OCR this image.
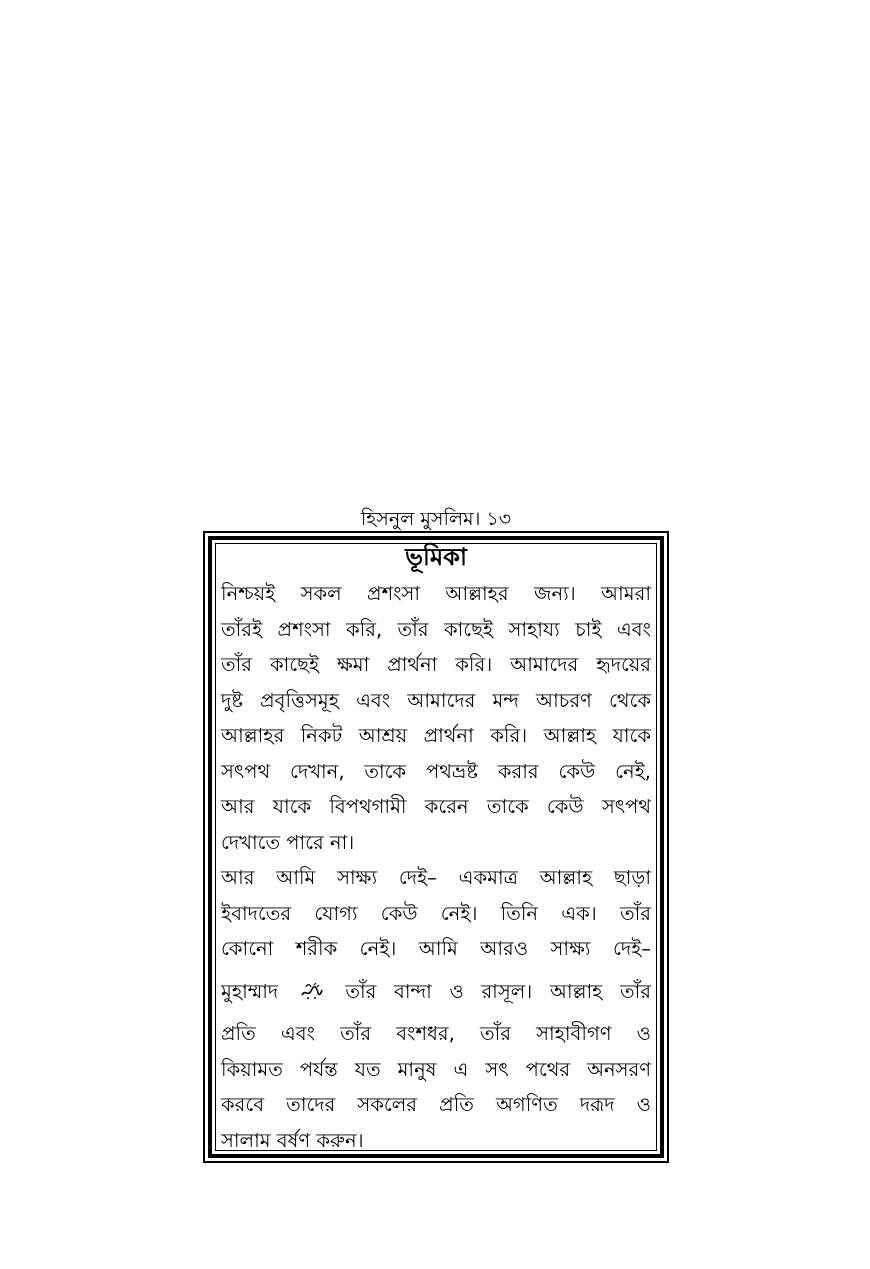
হিসনুল মুসলিম। ১৩
ভূমিকা
নিশ্চয়ই সকল প্রশংসা আল্লাহর জন্য। আমরা
তাঁরই প্রশংসা করি, তাঁর কাছেই সাহায্য চাই এবং
তাঁর কাছেই ক্ষমা প্রার্থনা করি। আমাদের হৃদয়ের
দুষ্ট প্রবৃত্তিসমূহ এবং আমাদের মন্দ আচরণ থেকে
আল্লাহর নিকট আশ্রয় প্রার্থনা করি। আল্লাহ যাকে
সৎপথ দেখান, তাকে পথভ্রষ্ট করার কেউ নেই,
আর যাকে বিপথগামী করেন তাকে কেউ সৎপথ
দেখাতে পারে না।
আর আমি সাক্ষ্য দেই– একমাত্র আল্লাহ ছাড়া
ইবাদতের যোগ্য কেউ নেই। তিনি এক। তাঁর
কোনো শরীক নেই। আমি আরও সাক্ষ্য দেই–
মুহাম্মাদ	তাঁর বান্দা ও রাসূল। আল্লাহ তাঁর
প্রতি এবং তাঁর বংশধর, তাঁর সাহাবীগণ ও
কিয়ামত পর্যন্ত যত মানুষ এ সৎ পথের অনসরণ
করবে তাদের সকলের প্রতি অগণিত দরূদ ও
সালাম বর্ষণ করুন।
